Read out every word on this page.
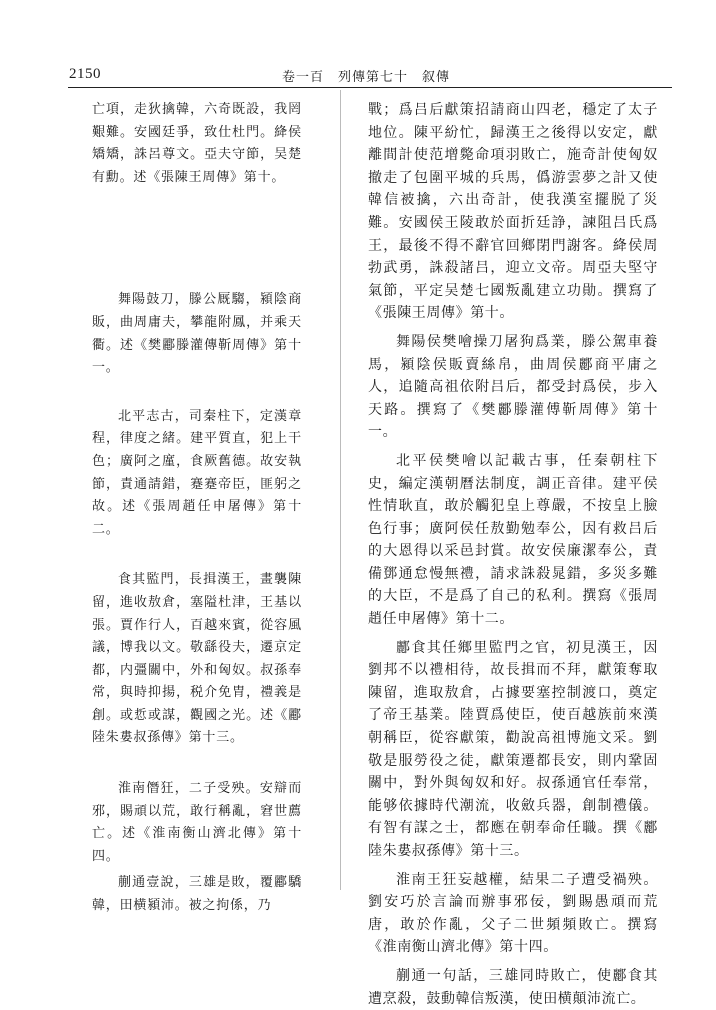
2150	卷一百　列傳第七十　叙傳

亡項，走狄擒韓，六奇既設，我罔艱難。安國廷爭，致仕杜門。絳侯矯矯，誅呂尊文。亞夫守節，吴楚有勳。述《張陳王周傳》第十。

舞陽鼓刀，滕公厩騶，潁陰商販，曲周庸夫，攀龍附鳳，并乘天衢。述《樊酈滕灌傳靳周傳》第十一。

北平志古，司秦柱下，定漢章程，律度之緒。建平質直，犯上干色；廣阿之廑，食厥舊德。故安執節，責通請錯，蹇蹇帝臣，匪躬之故。述《張周趙任申屠傳》第十二。

食其監門，長揖漢王，畫襲陳留，進收敖倉，塞隘杜津，王基以張。賈作行人，百越來賓，從容風議，博我以文。敬繇役夫，遷京定都，内彊關中，外和匈奴。叔孫奉常，與時抑揚，税介免胄，禮義是創。或悊或謀，觀國之光。述《酈陸朱婁叔孫傳》第十三。

淮南僭狂，二子受殃。安辯而邪，賜頑以荒，敢行稱亂，窘世薦亡。述《淮南衡山濟北傳》第十四。

蒯通壹說，三雄是敗，覆酈驕韓，田横潁沛。被之拘係，乃

戰；爲吕后獻策招請商山四老，穩定了太子地位。陳平紛忙，歸漢王之後得以安定，獻離間計使范增斃命項羽敗亡，施奇計使匈奴撤走了包圍平城的兵馬，僞游雲夢之計又使韓信被擒，六出奇計，使我漢室擺脱了災難。安國侯王陵敢於面折廷諍，諫阻吕氏爲王，最後不得不辭官回鄉閉門謝客。絳侯周勃武勇，誅殺諸吕，迎立文帝。周亞夫堅守氣節，平定吴楚七國叛亂建立功勛。撰寫了《張陳王周傳》第十。

舞陽侯樊噲操刀屠狗爲業，滕公駕車養馬，潁陰侯販賣絲帛，曲周侯酈商平庸之人，追隨高祖依附吕后，都受封爲侯，步入天路。撰寫了《樊酈滕灌傅靳周傳》第十一。

北平侯樊噲以記載古事，任秦朝柱下史，編定漢朝曆法制度，調正音律。建平侯性情耿直，敢於觸犯皇上尊嚴，不按皇上臉色行事；廣阿侯任敖勤勉奉公，因有救吕后的大恩得以采邑封賞。故安侯廉潔奉公，責備鄧通怠慢無禮，請求誅殺晁錯，多災多難的大臣，不是爲了自己的私利。撰寫《張周趙任申屠傳》第十二。

酈食其任鄉里監門之官，初見漢王，因劉邦不以禮相待，故長揖而不拜，獻策奪取陳留，進取敖倉，占據要塞控制渡口，奠定了帝王基業。陸賈爲使臣，使百越族前來漢朝稱臣，從容獻策，勸說高祖博施文采。劉敬是服勞役之徒，獻策遷都長安，則内鞏固關中，對外與匈奴和好。叔孫通官任奉常，能够依據時代潮流，收斂兵器，創制禮儀。有智有謀之士，都應在朝奉命任職。撰《酈陸朱婁叔孫傳》第十三。

淮南王狂妄越權，結果二子遭受禍殃。劉安巧於言論而辦事邪佞，劉賜愚頑而荒唐，敢於作亂，父子二世頻頻敗亡。撰寫《淮南衡山濟北傳》第十四。

蒯通一句話，三雄同時敗亡，使酈食其遭烹殺，鼓動韓信叛漢，使田横顛沛流亡。
